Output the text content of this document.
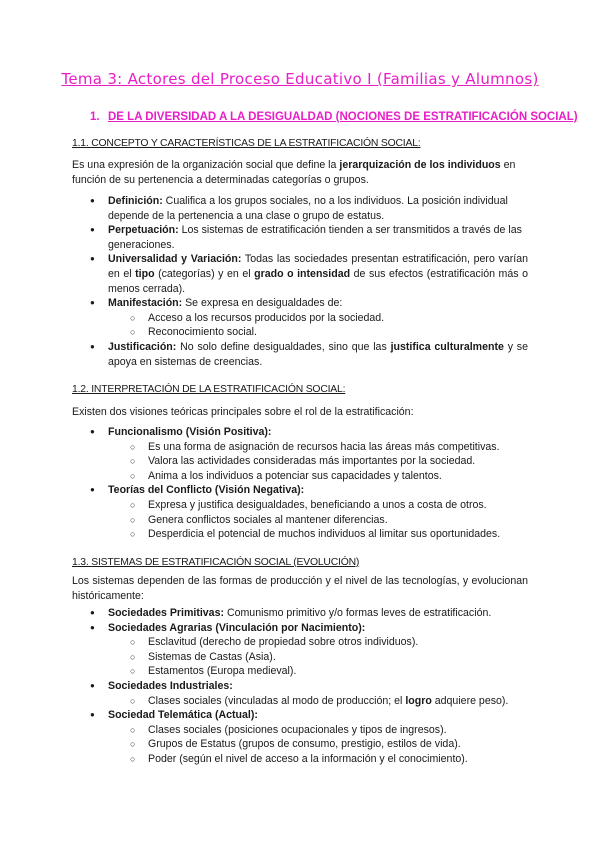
Tema 3: Actores del Proceso Educativo I (Familias y Alumnos)
1. DE LA DIVERSIDAD A LA DESIGUALDAD (NOCIONES DE ESTRATIFICACIÓN SOCIAL)
1.1. CONCEPTO Y CARACTERÍSTICAS DE LA ESTRATIFICACIÓN SOCIAL:
Es una expresión de la organización social que define la jerarquización de los individuos en función de su pertenencia a determinadas categorías o grupos.
● Definición: Cualifica a los grupos sociales, no a los individuos. La posición individual depende de la pertenencia a una clase o grupo de estatus.
● Perpetuación: Los sistemas de estratificación tienden a ser transmitidos a través de las generaciones.
● Universalidad y Variación: Todas las sociedades presentan estratificación, pero varían en el tipo (categorías) y en el grado o intensidad de sus efectos (estratificación más o menos cerrada).
● Manifestación: Se expresa en desigualdades de:
○ Acceso a los recursos producidos por la sociedad.
○ Reconocimiento social.
● Justificación: No solo define desigualdades, sino que las justifica culturalmente y se apoya en sistemas de creencias.
1.2. INTERPRETACIÓN DE LA ESTRATIFICACIÓN SOCIAL:
Existen dos visiones teóricas principales sobre el rol de la estratificación:
● Funcionalismo (Visión Positiva):
○ Es una forma de asignación de recursos hacia las áreas más competitivas.
○ Valora las actividades consideradas más importantes por la sociedad.
○ Anima a los individuos a potenciar sus capacidades y talentos.
● Teorías del Conflicto (Visión Negativa):
○ Expresa y justifica desigualdades, beneficiando a unos a costa de otros.
○ Genera conflictos sociales al mantener diferencias.
○ Desperdicia el potencial de muchos individuos al limitar sus oportunidades.
1.3. SISTEMAS DE ESTRATIFICACIÓN SOCIAL (EVOLUCIÓN)
Los sistemas dependen de las formas de producción y el nivel de las tecnologías, y evolucionan históricamente:
● Sociedades Primitivas: Comunismo primitivo y/o formas leves de estratificación.
● Sociedades Agrarias (Vinculación por Nacimiento):
○ Esclavitud (derecho de propiedad sobre otros individuos).
○ Sistemas de Castas (Asia).
○ Estamentos (Europa medieval).
● Sociedades Industriales:
○ Clases sociales (vinculadas al modo de producción; el logro adquiere peso).
● Sociedad Telemática (Actual):
○ Clases sociales (posiciones ocupacionales y tipos de ingresos).
○ Grupos de Estatus (grupos de consumo, prestigio, estilos de vida).
○ Poder (según el nivel de acceso a la información y el conocimiento).
